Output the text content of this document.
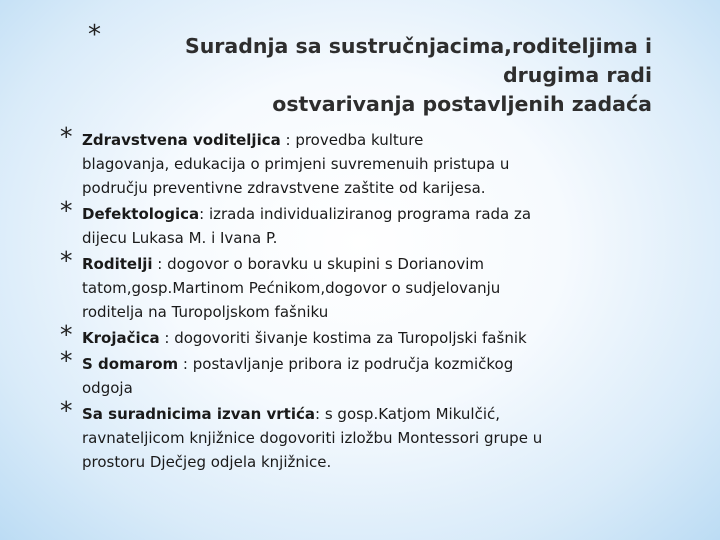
*	Suradnja sa sustručnjacima,roditeljima i drugima radi
ostvarivanja postavljenih zadaća
* Zdravstvena voditeljica : provedba kulture
blagovanja, edukacija o primjeni suvremenuih pristupa u
području preventivne zdravstvene zaštite od karijesa.
* Defektologica: izrada individualiziranog programa rada za
dijecu Lukasa M. i Ivana P.
* Roditelji : dogovor o boravku u skupini s Dorianovim
tatom,gosp.Martinom Pećnikom,dogovor o sudjelovanju
roditelja na Turopoljskom fašniku
* Krojačica : dogovoriti šivanje kostima za Turopoljski fašnik
* S domarom : postavljanje pribora iz područja kozmičkog
odgoja
* Sa suradnicima izvan vrtića: s gosp.Katjom Mikulčić,
ravnateljicom knjižnice dogovoriti izložbu Montessori grupe u
prostoru Dječjeg odjela knjižnice.
